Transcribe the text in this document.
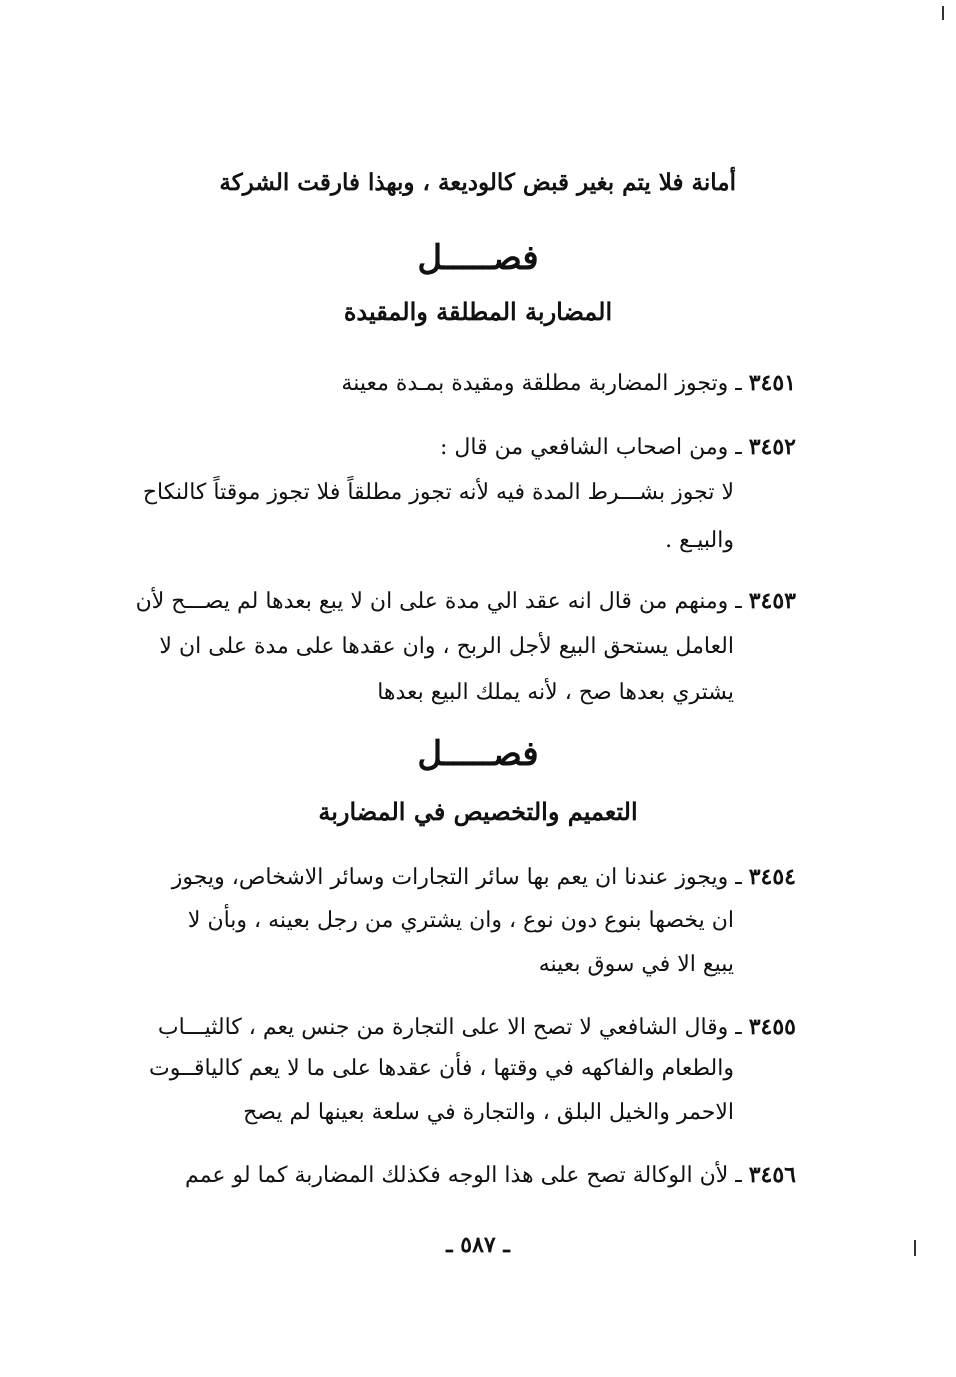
أمانة فلا يتم بغير قبض كالوديعة ، وبهذا فارقت الشركة
فصـــــل
المضاربة المطلقة والمقيدة
٣٤٥١ ـ وتجوز المضاربة مطلقة ومقيدة بمـدة معينة
٣٤٥٢ ـ ومن اصحاب الشافعي من قال :
لا تجوز بشـــرط المدة فيه لأنه تجوز مطلقاً فلا تجوز موقتاً كالنكاح
والبيـع .
٣٤٥٣ ـ ومنهم من قال انه عقد الي مدة على ان لا يبع بعدها لم يصـــح لأن
العامل يستحق البيع لأجل الربح ، وان عقدها على مدة على ان لا
يشتري بعدها صح ، لأنه يملك البيع بعدها
فصـــــل
التعميم والتخصيص في المضاربة
٣٤٥٤ ـ ويجوز عندنا ان يعم بها سائر التجارات وسائر الاشخاص، ويجوز
ان يخصها بنوع دون نوع ، وان يشتري من رجل بعينه ، وبأن لا
يبيع الا في سوق بعينه
٣٤٥٥ ـ وقال الشافعي لا تصح الا على التجارة من جنس يعم ، كالثيـــاب
والطعام والفاكهه في وقتها ، فأن عقدها على ما لا يعم كالياقــوت
الاحمر والخيل البلق ، والتجارة في سلعة بعينها لم يصح
٣٤٥٦ ـ لأن الوكالة تصح على هذا الوجه فكذلك المضاربة كما لو عمم
ـ ٥٨٧ ـ
